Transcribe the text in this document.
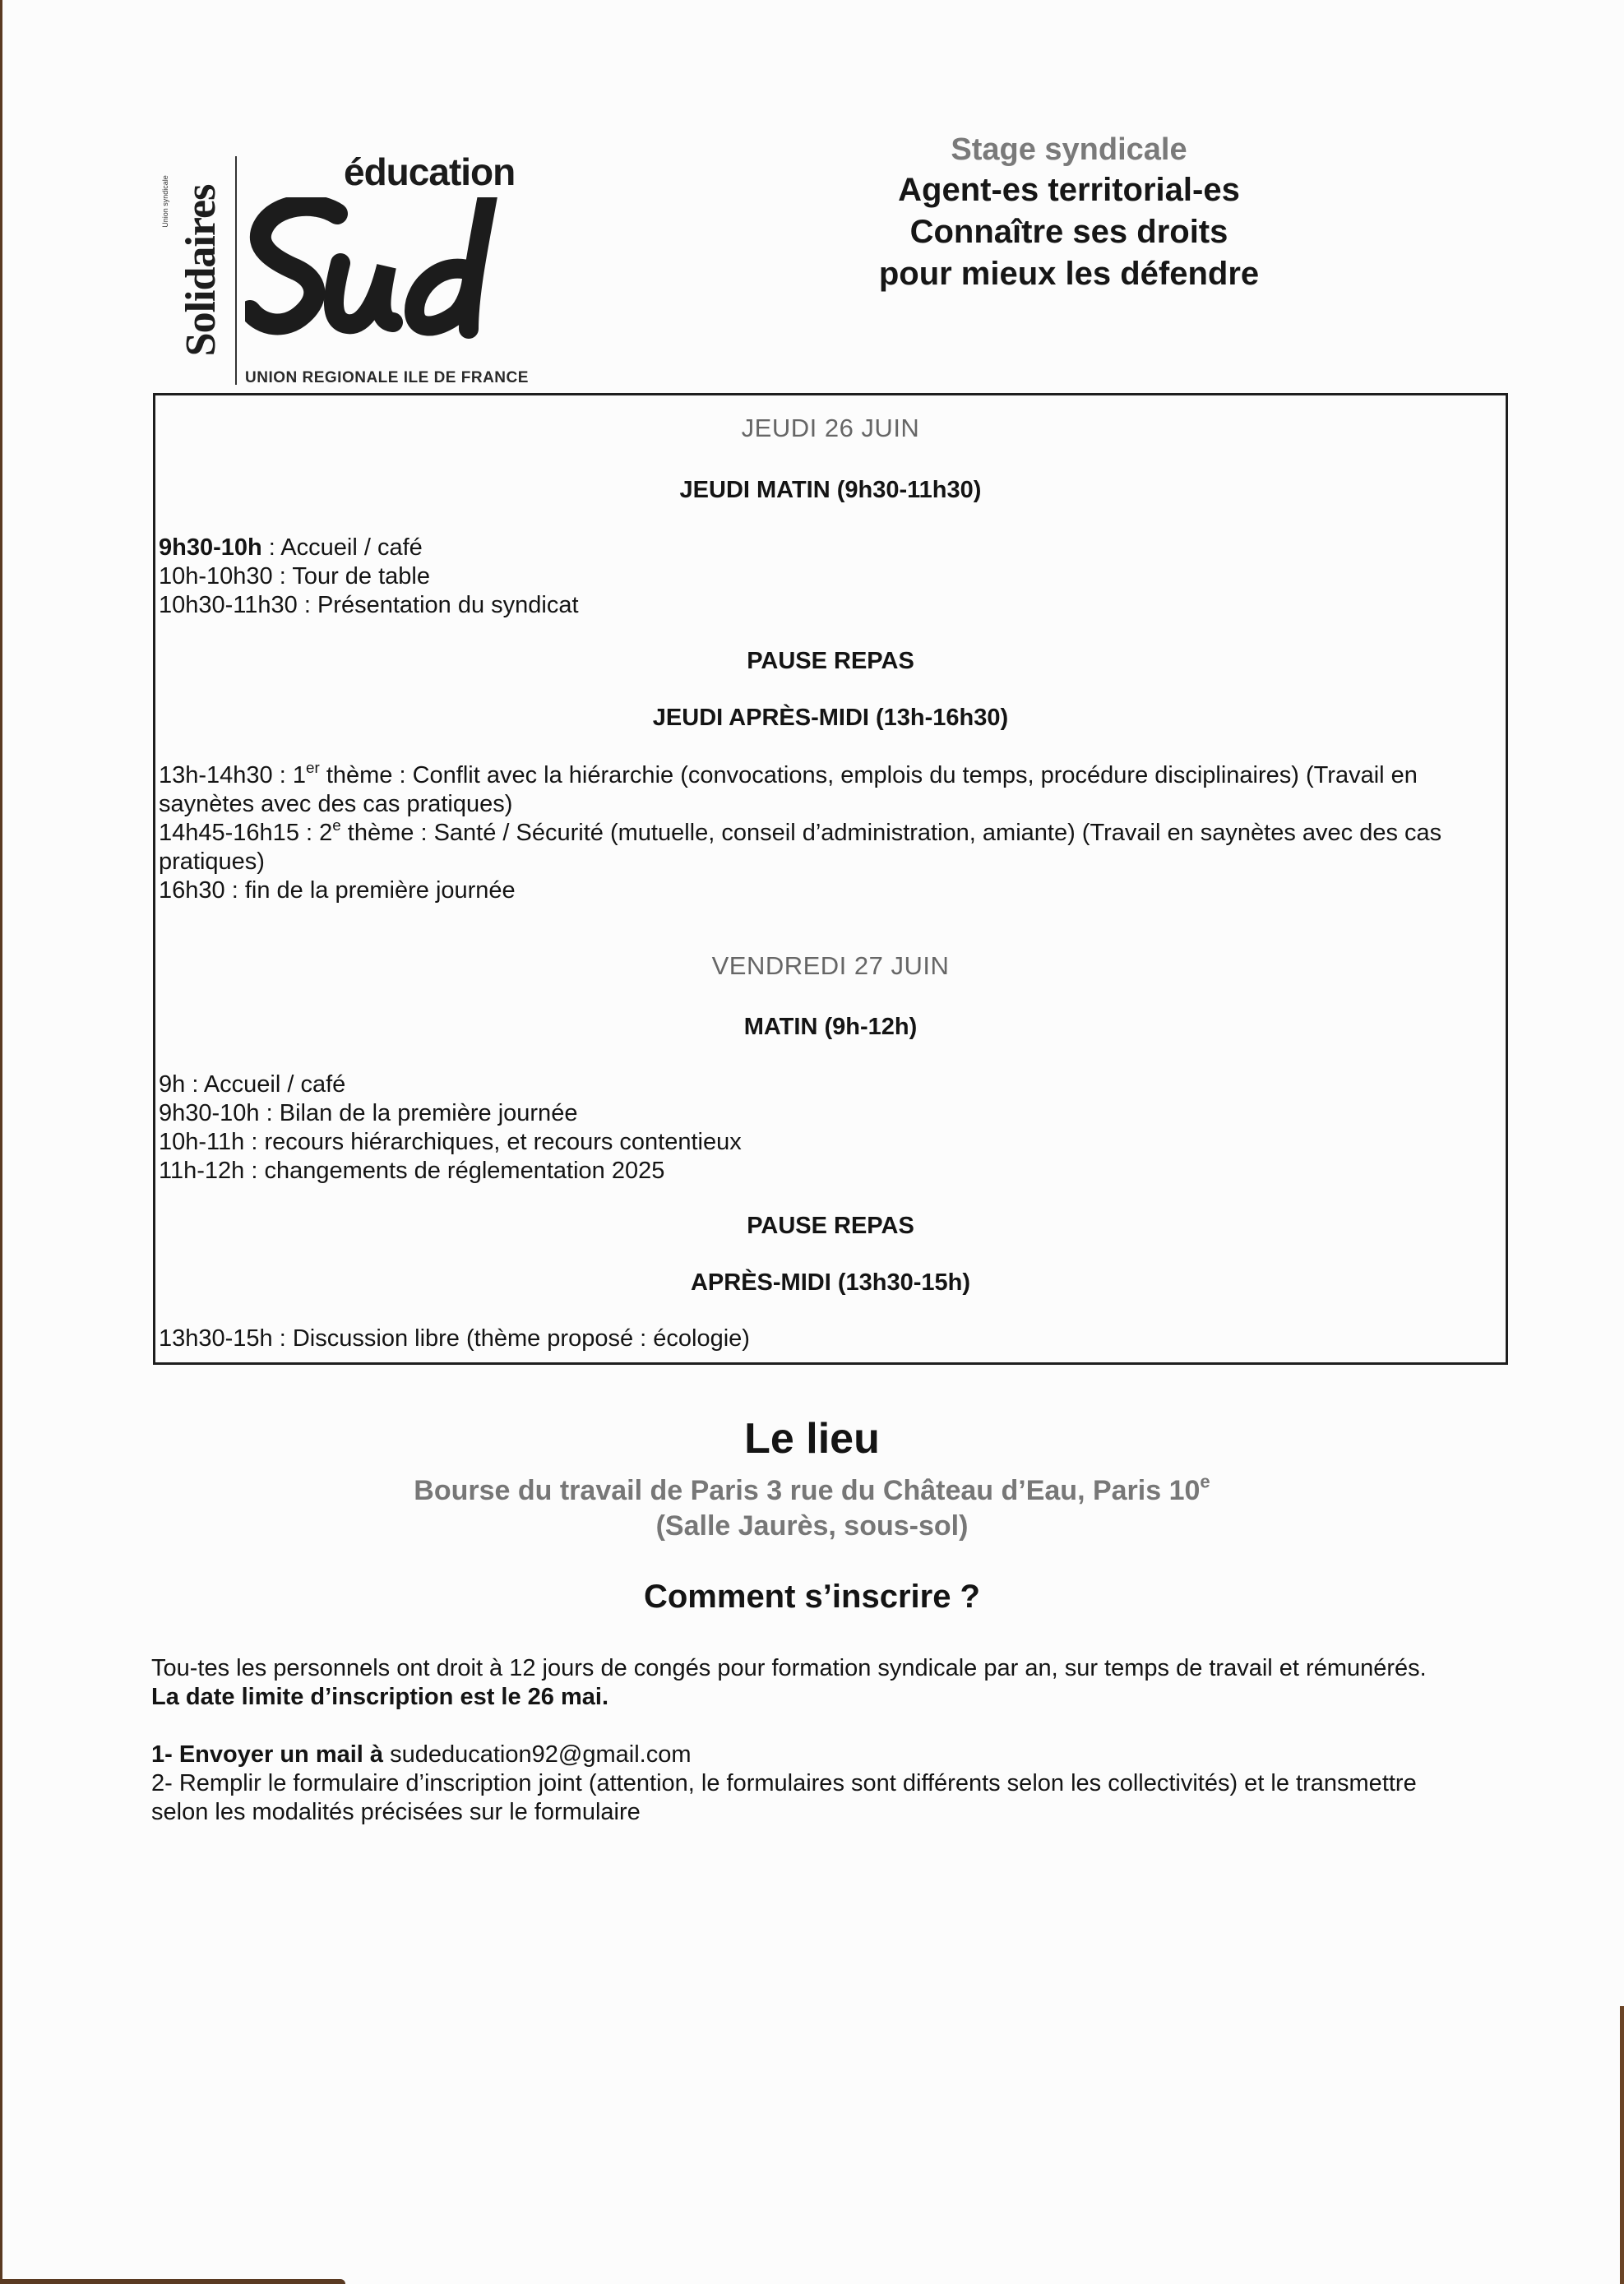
Union syndicale Solidaires
éducation
UNION REGIONALE ILE DE FRANCE
Stage syndicale
Agent-es territorial-es
Connaître ses droits
pour mieux les défendre
JEUDI 26 JUIN
JEUDI MATIN (9h30-11h30)
9h30-10h : Accueil / café
10h-10h30 : Tour de table
10h30-11h30 : Présentation du syndicat
PAUSE REPAS
JEUDI APRÈS-MIDI (13h-16h30)
13h-14h30 : 1er thème : Conflit avec la hiérarchie (convocations, emplois du temps, procédure disciplinaires) (Travail en saynètes avec des cas pratiques)
14h45-16h15 : 2e thème : Santé / Sécurité (mutuelle, conseil d’administration, amiante) (Travail en saynètes avec des cas pratiques)
16h30 : fin de la première journée
VENDREDI 27 JUIN
MATIN (9h-12h)
9h : Accueil / café
9h30-10h : Bilan de la première journée
10h-11h : recours hiérarchiques, et recours contentieux
11h-12h : changements de réglementation 2025
PAUSE REPAS
APRÈS-MIDI (13h30-15h)
13h30-15h : Discussion libre (thème proposé : écologie)
Le lieu
Bourse du travail de Paris 3 rue du Château d’Eau, Paris 10e
(Salle Jaurès, sous-sol)
Comment s’inscrire ?
Tou-tes les personnels ont droit à 12 jours de congés pour formation syndicale par an, sur temps de travail et rémunérés.
La date limite d’inscription est le 26 mai.
1- Envoyer un mail à sudeducation92@gmail.com
2- Remplir le formulaire d’inscription joint (attention, le formulaires sont différents selon les collectivités) et le transmettre selon les modalités précisées sur le formulaire
